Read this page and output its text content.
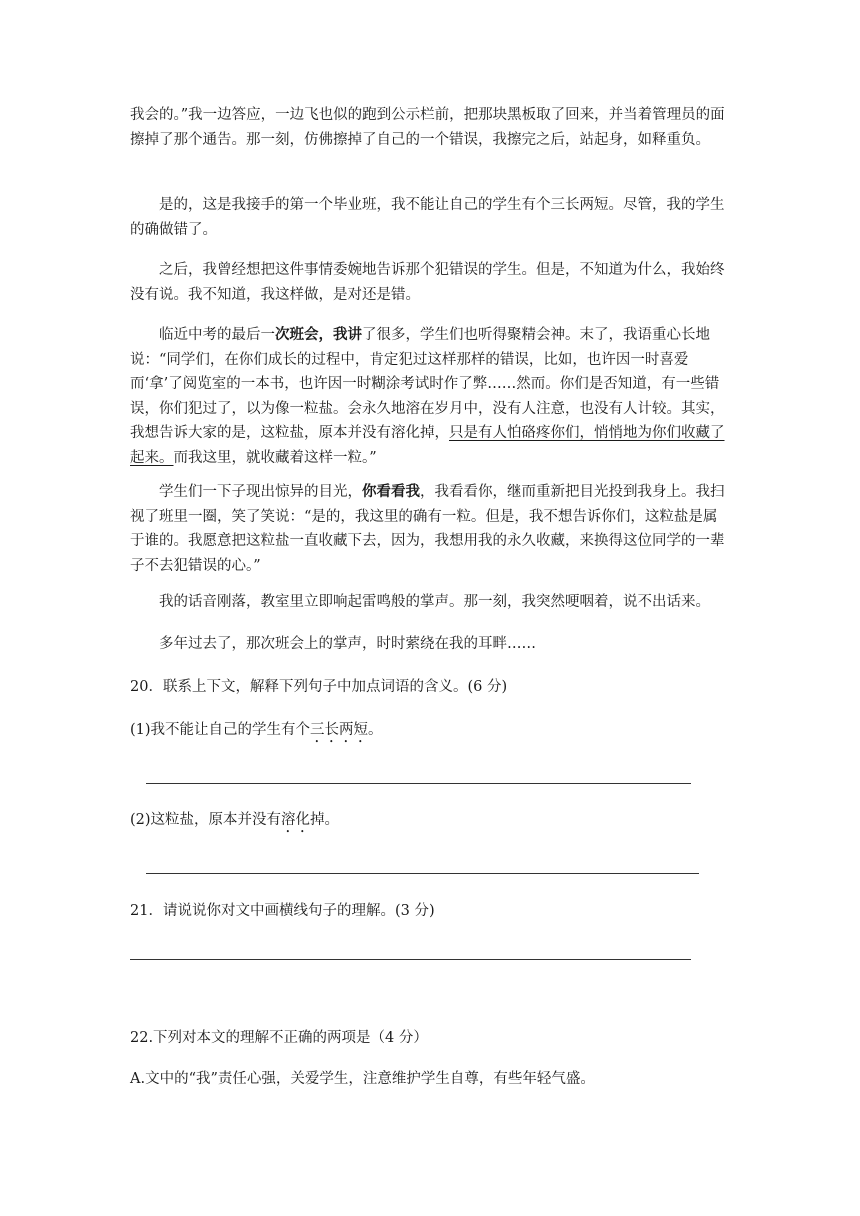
我会的。”我一边答应，一边飞也似的跑到公示栏前，把那块黑板取了回来，并当着管理员的面擦掉了那个通告。那一刻，仿佛擦掉了自己的一个错误，我擦完之后，站起身，如释重负。

是的，这是我接手的第一个毕业班，我不能让自己的学生有个三长两短。尽管，我的学生的确做错了。

之后，我曾经想把这件事情委婉地告诉那个犯错误的学生。但是，不知道为什么，我始终没有说。我不知道，我这样做，是对还是错。

临近中考的最后一次班会，我讲了很多，学生们也听得聚精会神。末了，我语重心长地说：“同学们，在你们成长的过程中，肯定犯过这样那样的错误，比如，也许因一时喜爱而‘拿’了阅览室的一本书，也许因一时糊涂考试时作了弊……然而。你们是否知道，有一些错误，你们犯过了，以为像一粒盐。会永久地溶在岁月中，没有人注意，也没有人计较。其实，我想告诉大家的是，这粒盐，原本并没有溶化掉，只是有人怕硌疼你们，悄悄地为你们收藏了起来。而我这里，就收藏着这样一粒。”

学生们一下子现出惊异的目光，你看看我，我看看你，继而重新把目光投到我身上。我扫视了班里一圈，笑了笑说：“是的，我这里的确有一粒。但是，我不想告诉你们，这粒盐是属于谁的。我愿意把这粒盐一直收藏下去，因为，我想用我的永久收藏，来换得这位同学的一辈子不去犯错误的心。”

我的话音刚落，教室里立即响起雷鸣般的掌声。那一刻，我突然哽咽着，说不出话来。

多年过去了，那次班会上的掌声，时时萦绕在我的耳畔……

20．联系上下文，解释下列句子中加点词语的含义。(6 分)

(1)我不能让自己的学生有个三长两短。

(2)这粒盐，原本并没有溶化掉。

21．请说说你对文中画横线句子的理解。(3 分)

22.下列对本文的理解不正确的两项是（4 分）

A.文中的“我”责任心强，关爱学生，注意维护学生自尊，有些年轻气盛。
